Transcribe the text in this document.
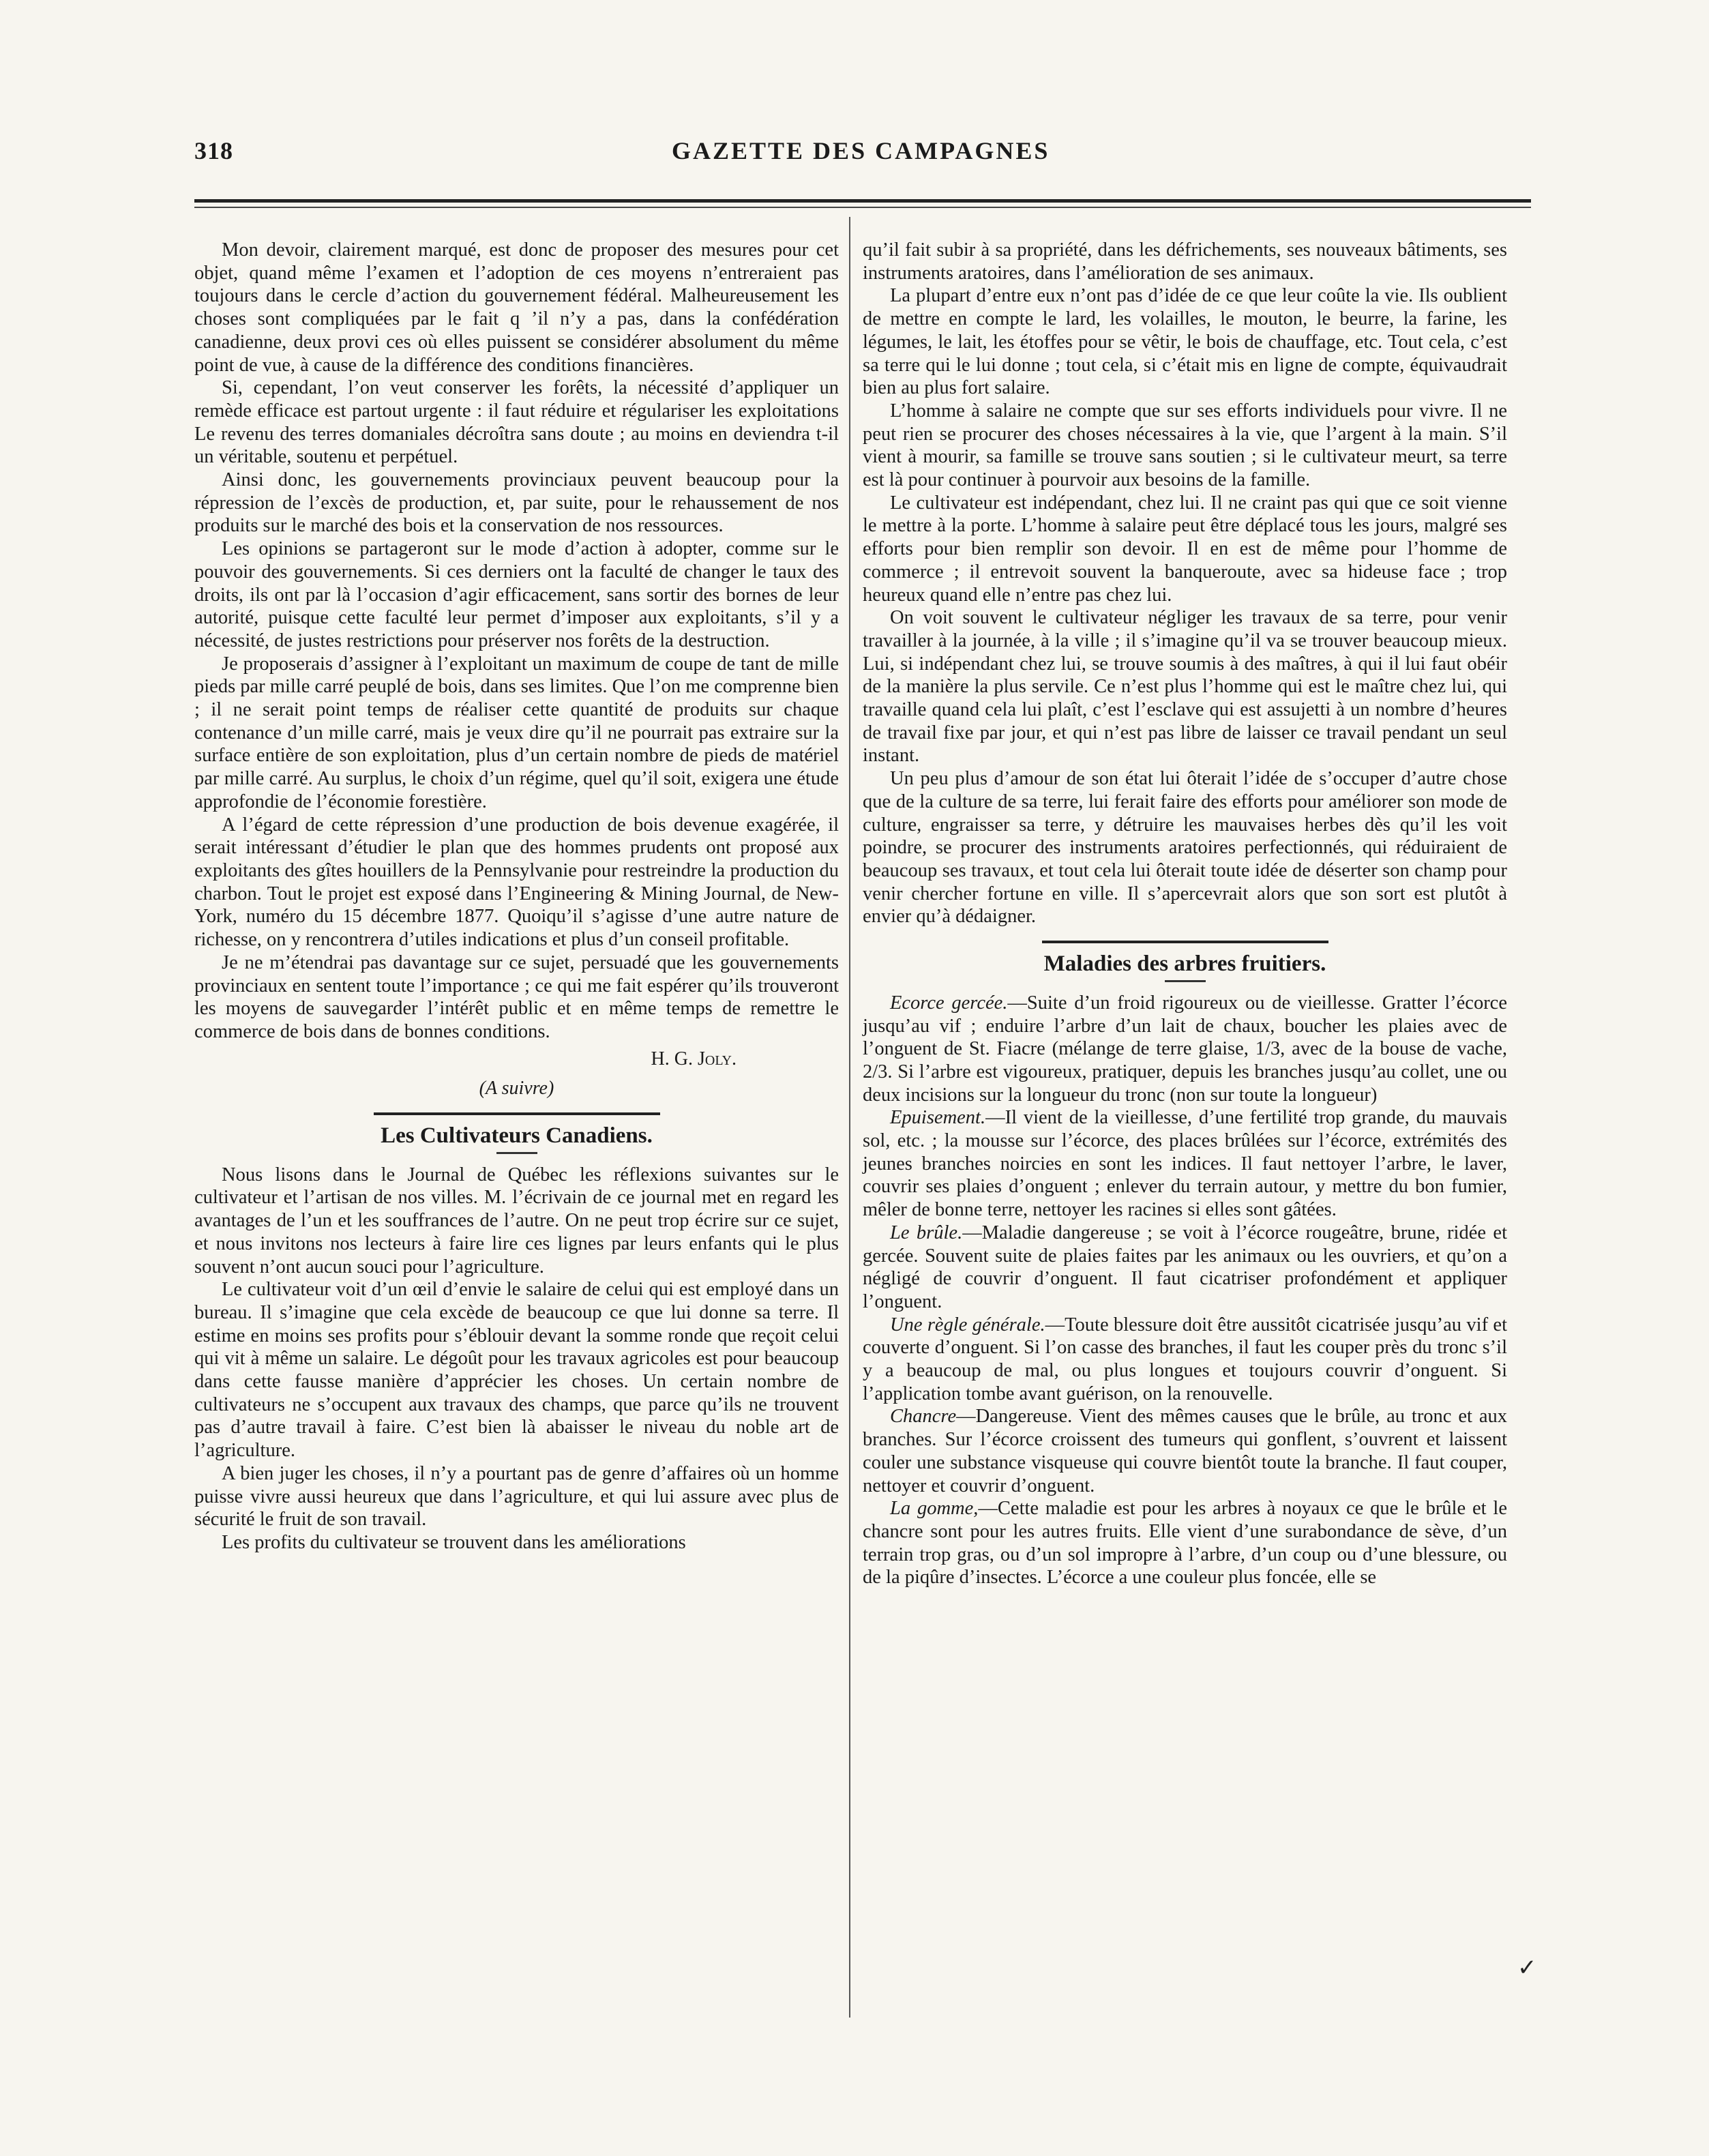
318	GAZETTE DES CAMPAGNES

Mon devoir, clairement marqué, est donc de proposer des mesures pour cet objet, quand même l’examen et l’adoption de ces moyens n’entreraient pas toujours dans le cercle d’action du gouvernement fédéral. Malheureusement les choses sont compliquées par le fait q ’il n’y a pas, dans la confédération canadienne, deux provi ces où elles puissent se considérer absolument du même point de vue, à cause de la différence des conditions financières.

Si, cependant, l’on veut conserver les forêts, la nécessité d’appliquer un remède efficace est partout urgente : il faut réduire et régulariser les exploitations Le revenu des terres domaniales décroîtra sans doute ; au moins en deviendra t-il un véritable, soutenu et perpétuel.

Ainsi donc, les gouvernements provinciaux peuvent beaucoup pour la répression de l’excès de production, et, par suite, pour le rehaussement de nos produits sur le marché des bois et la conservation de nos ressources.

Les opinions se partageront sur le mode d’action à adopter, comme sur le pouvoir des gouvernements. Si ces derniers ont la faculté de changer le taux des droits, ils ont par là l’occasion d’agir efficacement, sans sortir des bornes de leur autorité, puisque cette faculté leur permet d’imposer aux exploitants, s’il y a nécessité, de justes restrictions pour préserver nos forêts de la destruction.

Je proposerais d’assigner à l’exploitant un maximum de coupe de tant de mille pieds par mille carré peuplé de bois, dans ses limites. Que l’on me comprenne bien ; il ne serait point temps de réaliser cette quantité de produits sur chaque contenance d’un mille carré, mais je veux dire qu’il ne pourrait pas extraire sur la surface entière de son exploitation, plus d’un certain nombre de pieds de matériel par mille carré. Au surplus, le choix d’un régime, quel qu’il soit, exigera une étude approfondie de l’économie forestière.

A l’égard de cette répression d’une production de bois devenue exagérée, il serait intéressant d’étudier le plan que des hommes prudents ont proposé aux exploitants des gîtes houillers de la Pennsylvanie pour restreindre la production du charbon. Tout le projet est exposé dans l’Engineering & Mining Journal, de New-York, numéro du 15 décembre 1877. Quoiqu’il s’agisse d’une autre nature de richesse, on y rencontrera d’utiles indications et plus d’un conseil profitable.

Je ne m’étendrai pas davantage sur ce sujet, persuadé que les gouvernements provinciaux en sentent toute l’importance ; ce qui me fait espérer qu’ils trouveront les moyens de sauvegarder l’intérêt public et en même temps de remettre le commerce de bois dans de bonnes conditions.

H. G. Joly.
(A suivre)
Les Cultivateurs Canadiens.

Nous lisons dans le Journal de Québec les réflexions suivantes sur le cultivateur et l’artisan de nos villes. M. l’écrivain de ce journal met en regard les avantages de l’un et les souffrances de l’autre. On ne peut trop écrire sur ce sujet, et nous invitons nos lecteurs à faire lire ces lignes par leurs enfants qui le plus souvent n’ont aucun souci pour l’agriculture.

Le cultivateur voit d’un œil d’envie le salaire de celui qui est employé dans un bureau. Il s’imagine que cela excède de beaucoup ce que lui donne sa terre. Il estime en moins ses profits pour s’éblouir devant la somme ronde que reçoit celui qui vit à même un salaire. Le dégoût pour les travaux agricoles est pour beaucoup dans cette fausse manière d’apprécier les choses. Un certain nombre de cultivateurs ne s’occupent aux travaux des champs, que parce qu’ils ne trouvent pas d’autre travail à faire. C’est bien là abaisser le niveau du noble art de l’agriculture.

A bien juger les choses, il n’y a pourtant pas de genre d’affaires où un homme puisse vivre aussi heureux que dans l’agriculture, et qui lui assure avec plus de sécurité le fruit de son travail.

Les profits du cultivateur se trouvent dans les améliorations

qu’il fait subir à sa propriété, dans les défrichements, ses nouveaux bâtiments, ses instruments aratoires, dans l’amélioration de ses animaux.

La plupart d’entre eux n’ont pas d’idée de ce que leur coûte la vie. Ils oublient de mettre en compte le lard, les volailles, le mouton, le beurre, la farine, les légumes, le lait, les étoffes pour se vêtir, le bois de chauffage, etc. Tout cela, c’est sa terre qui le lui donne ; tout cela, si c’était mis en ligne de compte, équivaudrait bien au plus fort salaire.

L’homme à salaire ne compte que sur ses efforts individuels pour vivre. Il ne peut rien se procurer des choses nécessaires à la vie, que l’argent à la main. S’il vient à mourir, sa famille se trouve sans soutien ; si le cultivateur meurt, sa terre est là pour continuer à pourvoir aux besoins de la famille.

Le cultivateur est indépendant, chez lui. Il ne craint pas qui que ce soit vienne le mettre à la porte. L’homme à salaire peut être déplacé tous les jours, malgré ses efforts pour bien remplir son devoir. Il en est de même pour l’homme de commerce ; il entrevoit souvent la banqueroute, avec sa hideuse face ; trop heureux quand elle n’entre pas chez lui.

On voit souvent le cultivateur négliger les travaux de sa terre, pour venir travailler à la journée, à la ville ; il s’imagine qu’il va se trouver beaucoup mieux. Lui, si indépendant chez lui, se trouve soumis à des maîtres, à qui il lui faut obéir de la manière la plus servile. Ce n’est plus l’homme qui est le maître chez lui, qui travaille quand cela lui plaît, c’est l’esclave qui est assujetti à un nombre d’heures de travail fixe par jour, et qui n’est pas libre de laisser ce travail pendant un seul instant.

Un peu plus d’amour de son état lui ôterait l’idée de s’occuper d’autre chose que de la culture de sa terre, lui ferait faire des efforts pour améliorer son mode de culture, engraisser sa terre, y détruire les mauvaises herbes dès qu’il les voit poindre, se procurer des instruments aratoires perfectionnés, qui réduiraient de beaucoup ses travaux, et tout cela lui ôterait toute idée de déserter son champ pour venir chercher fortune en ville. Il s’apercevrait alors que son sort est plutôt à envier qu’à dédaigner.

Maladies des arbres fruitiers.

Ecorce gercée.—Suite d’un froid rigoureux ou de vieillesse. Gratter l’écorce jusqu’au vif ; enduire l’arbre d’un lait de chaux, boucher les plaies avec de l’onguent de St. Fiacre (mélange de terre glaise, 1/3, avec de la bouse de vache, 2/3. Si l’arbre est vigoureux, pratiquer, depuis les branches jusqu’au collet, une ou deux incisions sur la longueur du tronc (non sur toute la longueur)

Epuisement.—Il vient de la vieillesse, d’une fertilité trop grande, du mauvais sol, etc. ; la mousse sur l’écorce, des places brûlées sur l’écorce, extrémités des jeunes branches noircies en sont les indices. Il faut nettoyer l’arbre, le laver, couvrir ses plaies d’onguent ; enlever du terrain autour, y mettre du bon fumier, mêler de bonne terre, nettoyer les racines si elles sont gâtées.

Le brûle.—Maladie dangereuse ; se voit à l’écorce rougeâtre, brune, ridée et gercée. Souvent suite de plaies faites par les animaux ou les ouvriers, et qu’on a négligé de couvrir d’onguent. Il faut cicatriser profondément et appliquer l’onguent.

Une règle générale.—Toute blessure doit être aussitôt cicatrisée jusqu’au vif et couverte d’onguent. Si l’on casse des branches, il faut les couper près du tronc s’il y a beaucoup de mal, ou plus longues et toujours couvrir d’onguent. Si l’application tombe avant guérison, on la renouvelle.

Chancre—Dangereuse. Vient des mêmes causes que le brûle, au tronc et aux branches. Sur l’écorce croissent des tumeurs qui gonflent, s’ouvrent et laissent couler une substance visqueuse qui couvre bientôt toute la branche. Il faut couper, nettoyer et couvrir d’onguent.

La gomme,—Cette maladie est pour les arbres à noyaux ce que le brûle et le chancre sont pour les autres fruits. Elle vient d’une surabondance de sève, d’un terrain trop gras, ou d’un sol impropre à l’arbre, d’un coup ou d’une blessure, ou de la piqûre d’insectes. L’écorce a une couleur plus foncée, elle se

✓
